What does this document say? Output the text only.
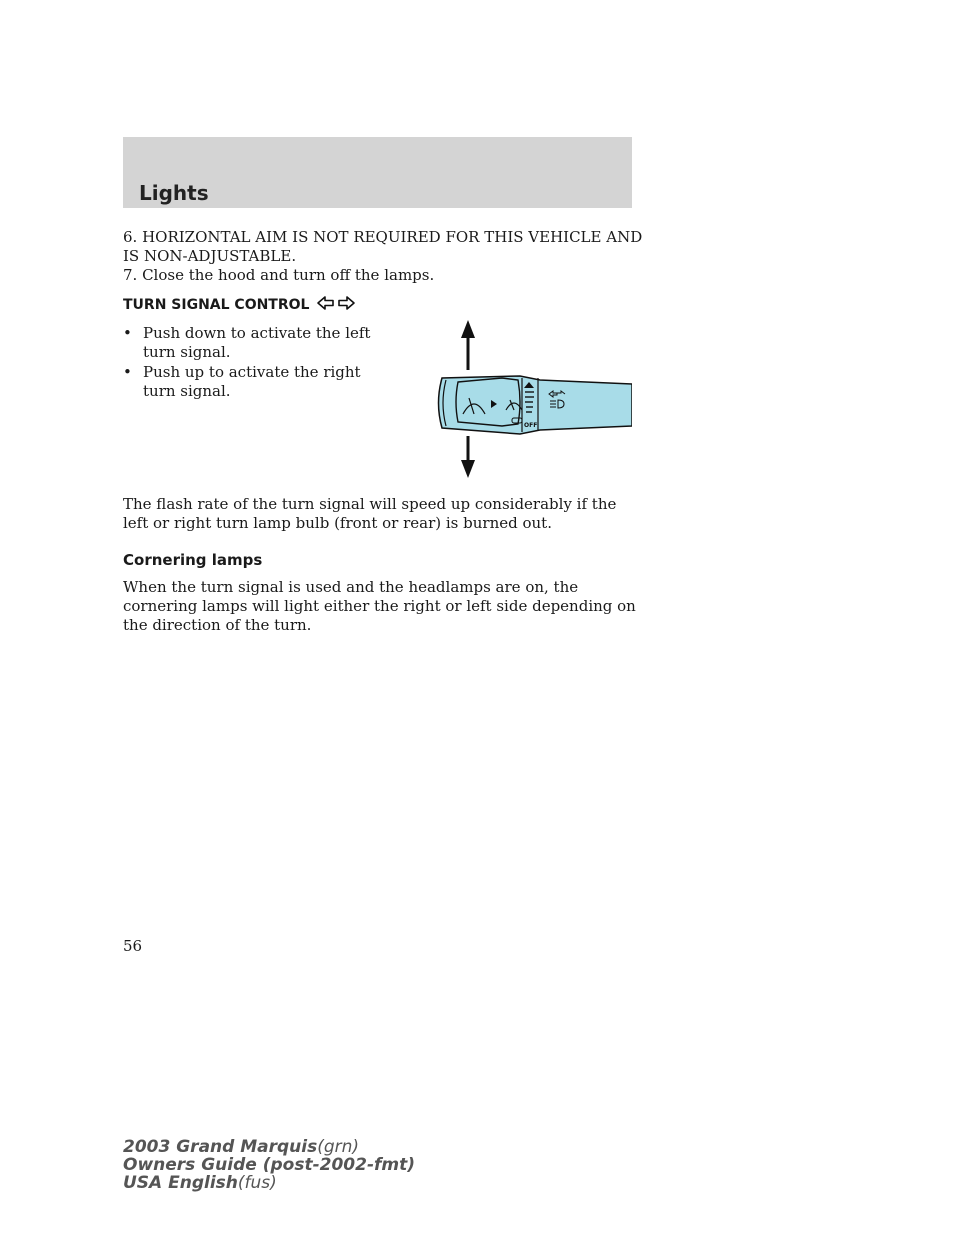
Lights

6. HORIZONTAL AIM IS NOT REQUIRED FOR THIS VEHICLE AND IS NON-ADJUSTABLE.

7. Close the hood and turn off the lamps.

TURN SIGNAL CONTROL
• Push down to activate the left turn signal.
• Push up to activate the right turn signal.
OFF

The flash rate of the turn signal will speed up considerably if the left or right turn lamp bulb (front or rear) is burned out.

Cornering lamps

When the turn signal is used and the headlamps are on, the cornering lamps will light either the right or left side depending on the direction of the turn.

56
2003 Grand Marquis(grn)
Owners Guide (post-2002-fmt)
USA English(fus)
